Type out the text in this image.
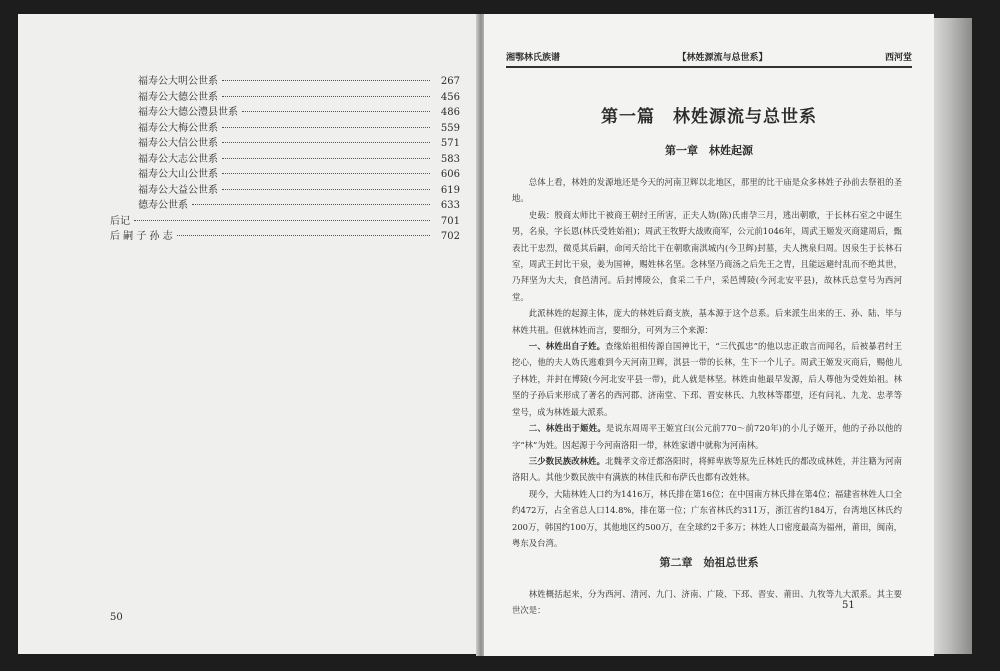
福寿公大明公世系	267
福寿公大德公世系	456
福寿公大德公澧县世系	486
福寿公大梅公世系	559
福寿公大信公世系	571
福寿公大志公世系	583
福寿公大山公世系	606
福寿公大益公世系	619
德寿公世系	633
后记	701
后 嗣 子 孙 志	702
50
湘鄂林氏族谱	【林姓源流与总世系】	西河堂
第一篇　林姓源流与总世系
第一章　林姓起源

总体上看，林姓的发源地还是今天的河南卫辉以北地区，那里的比干庙是众多林姓子孙前去祭祖的圣地。

史载：殷商太师比干被商王朝纣王所害，正夫人妫(陈)氏甫孕三月，逃出朝歌，于长林石室之中诞生男，名泉，字长恩(林氏受姓始祖)；周武王牧野大战败商军，公元前1046年，周武王姬发灭商建周后，甄表比干忠烈，微觅其后嗣，命闰夭给比干在朝歌南淇城内(今卫辉)封墓，夫人携泉归周。因泉生于长林石室，周武王封比干泉，姜为国神，赐姓林名坚。念林坚乃商汤之后先王之胄，且能远避纣乱而不绝其世，乃拜坚为大夫，食邑清河。后封博陵公，食采二千户，采邑博陵(今河北安平县)，故林氏总堂号为西河堂。

此派林姓的起源主体，庞大的林姓后裔支族，基本源于这个总系。后来派生出来的王、孙、陆、毕与林姓共祖。但就林姓而言，要细分，可列为三个来源：

一、林姓出自子姓。查缘始祖相传源自国神比干，“三代孤忠”的他以忠正敢言而闻名，后被暴君纣王挖心，他的夫人妫氏逃难到今天河南卫辉，淇县一带的长林，生下一个儿子。周武王姬发灭商后，赐他儿子林姓，并封在博陵(今河北安平县一带)，此人就是林坚。林姓由他最早发源，后人尊他为受姓始祖。林坚的子孙后来形成了著名的西河郡、济南堂、下邳、晋安林氏、九牧林等郡望，还有问礼、九龙、忠孝等堂号，成为林姓最大派系。

二、林姓出于姬姓。是说东周周平王姬宜臼(公元前770～前720年)的小儿子姬开，他的子孙以他的字“林”为姓。因起源于今河南洛阳一带，林姓家谱中就称为河南林。

三少数民族改林姓。北魏孝文帝迁都洛阳时，将鲜卑族等原先丘林姓氏的都改成林姓，并注籍为河南洛阳人。其他少数民族中有满族的林佳氏和布萨氏也都有改姓林。

现今，大陆林姓人口约为1416万，林氏排在第16位；在中国南方林氏排在第4位；福建省林姓人口全约472万，占全省总人口14.8%，排在第一位；广东省林氏约311万，浙江省约184万，台湾地区林氏约200万，韩国约100万，其他地区约500万，在全球约2千多万；林姓人口密度最高为福州，莆田，闽南，粤东及台湾。

第二章　始祖总世系

林姓概括起来，分为西河、清河、九门、济南、广陵、下邳、晋安、莆田、九牧等九大派系。其主要世次是：	51
